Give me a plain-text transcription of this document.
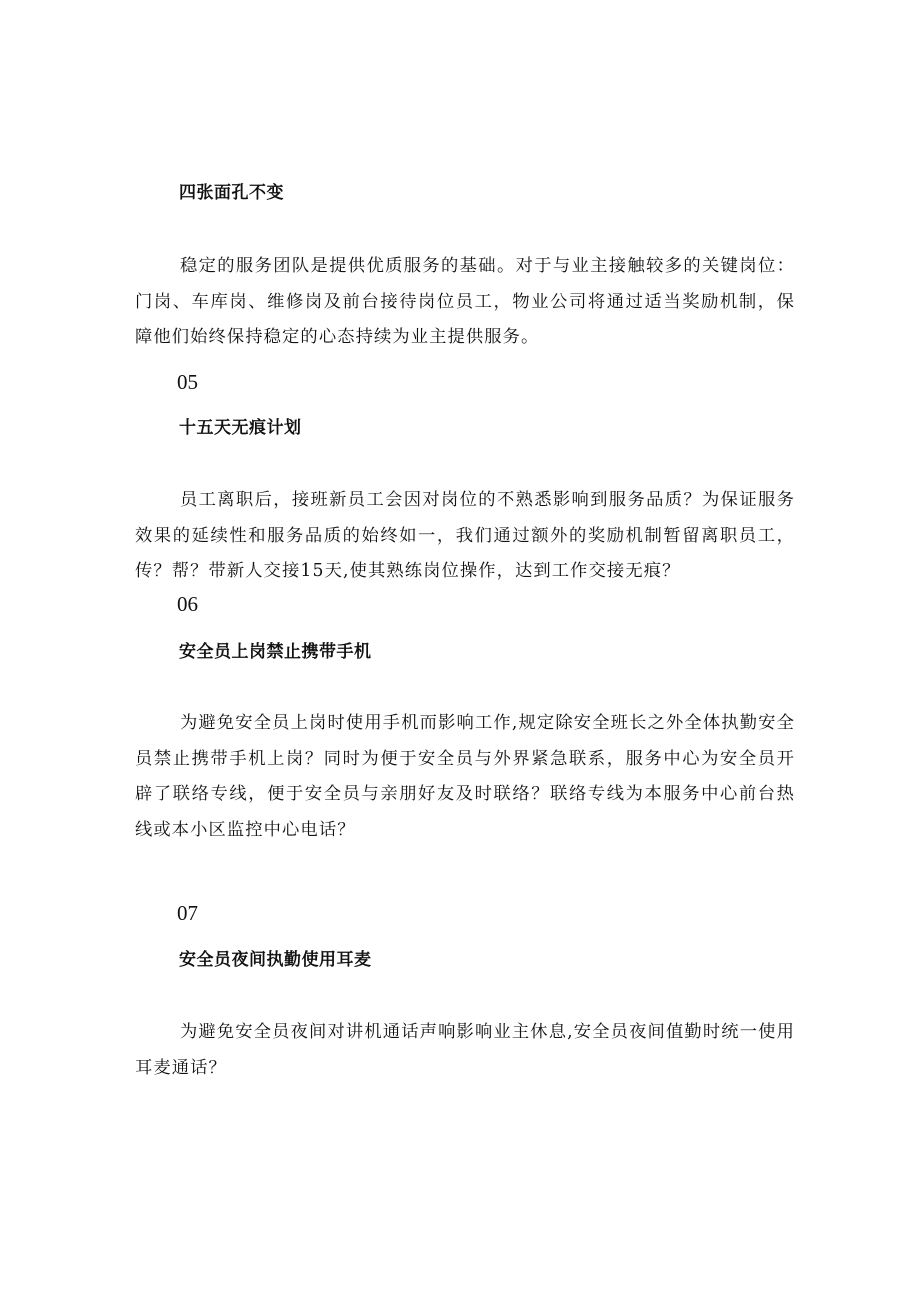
四张面孔不变

稳定的服务团队是提供优质服务的基础。对于与业主接触较多的关键岗位：门岗、车库岗、维修岗及前台接待岗位员工，物业公司将通过适当奖励机制，保障他们始终保持稳定的心态持续为业主提供服务。

05
十五天无痕计划

员工离职后，接班新员工会因对岗位的不熟悉影响到服务品质？为保证服务效果的延续性和服务品质的始终如一，我们通过额外的奖励机制暂留离职员工，传？帮？带新人交接15天,使其熟练岗位操作，达到工作交接无痕？

06
安全员上岗禁止携带手机

为避免安全员上岗时使用手机而影响工作,规定除安全班长之外全体执勤安全员禁止携带手机上岗？同时为便于安全员与外界紧急联系，服务中心为安全员开辟了联络专线，便于安全员与亲朋好友及时联络？联络专线为本服务中心前台热线或本小区监控中心电话？

07
安全员夜间执勤使用耳麦

为避免安全员夜间对讲机通话声响影响业主休息,安全员夜间值勤时统一使用耳麦通话？
